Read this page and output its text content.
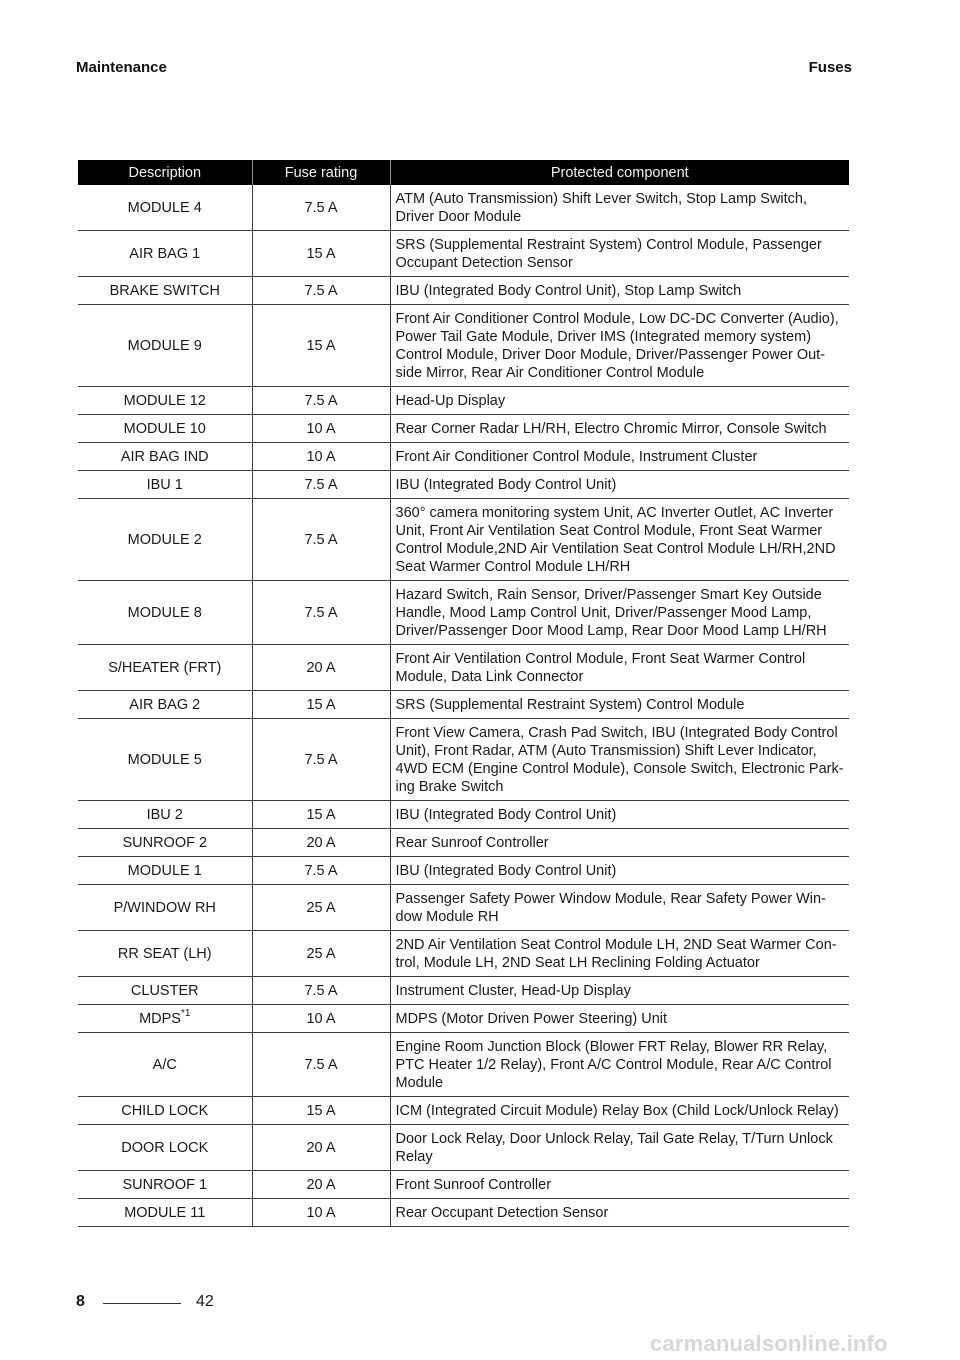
Maintenance	Fuses
Description	Fuse rating	Protected component
MODULE 4	7.5 A	ATM (Auto Transmission) Shift Lever Switch, Stop Lamp Switch, Driver Door Module
AIR BAG 1	15 A	SRS (Supplemental Restraint System) Control Module, Passenger Occupant Detection Sensor
BRAKE SWITCH	7.5 A	IBU (Integrated Body Control Unit), Stop Lamp Switch
MODULE 9	15 A	Front Air Conditioner Control Module, Low DC-DC Converter (Audio), Power Tail Gate Module, Driver IMS (Integrated memory system) Control Module, Driver Door Module, Driver/Passenger Power Out-side Mirror, Rear Air Conditioner Control Module
MODULE 12	7.5 A	Head-Up Display
MODULE 10	10 A	Rear Corner Radar LH/RH, Electro Chromic Mirror, Console Switch
AIR BAG IND	10 A	Front Air Conditioner Control Module, Instrument Cluster
IBU 1	7.5 A	IBU (Integrated Body Control Unit)
MODULE 2	7.5 A	360° camera monitoring system Unit, AC Inverter Outlet, AC Inverter Unit, Front Air Ventilation Seat Control Module, Front Seat Warmer Control Module,2ND Air Ventilation Seat Control Module LH/RH,2ND Seat Warmer Control Module LH/RH
MODULE 8	7.5 A	Hazard Switch, Rain Sensor, Driver/Passenger Smart Key Outside Handle, Mood Lamp Control Unit, Driver/Passenger Mood Lamp, Driver/Passenger Door Mood Lamp, Rear Door Mood Lamp LH/RH
S/HEATER (FRT)	20 A	Front Air Ventilation Control Module, Front Seat Warmer Control Module, Data Link Connector
AIR BAG 2	15 A	SRS (Supplemental Restraint System) Control Module
MODULE 5	7.5 A	Front View Camera, Crash Pad Switch, IBU (Integrated Body Control Unit), Front Radar, ATM (Auto Transmission) Shift Lever Indicator, 4WD ECM (Engine Control Module), Console Switch, Electronic Park-ing Brake Switch
IBU 2	15 A	IBU (Integrated Body Control Unit)
SUNROOF 2	20 A	Rear Sunroof Controller
MODULE 1	7.5 A	IBU (Integrated Body Control Unit)
P/WINDOW RH	25 A	Passenger Safety Power Window Module, Rear Safety Power Win-dow Module RH
RR SEAT (LH)	25 A	2ND Air Ventilation Seat Control Module LH, 2ND Seat Warmer Con-trol, Module LH, 2ND Seat LH Reclining Folding Actuator
CLUSTER	7.5 A	Instrument Cluster, Head-Up Display
MDPS$^{*1}$	10 A	MDPS (Motor Driven Power Steering) Unit
A/C	7.5 A	Engine Room Junction Block (Blower FRT Relay, Blower RR Relay, PTC Heater 1/2 Relay), Front A/C Control Module, Rear A/C Control Module
CHILD LOCK	15 A	ICM (Integrated Circuit Module) Relay Box (Child Lock/Unlock Relay)
DOOR LOCK	20 A	Door Lock Relay, Door Unlock Relay, Tail Gate Relay, T/Turn Unlock Relay
SUNROOF 1	20 A	Front Sunroof Controller
MODULE 11	10 A	Rear Occupant Detection Sensor
8	42
carmanualsonline.info
